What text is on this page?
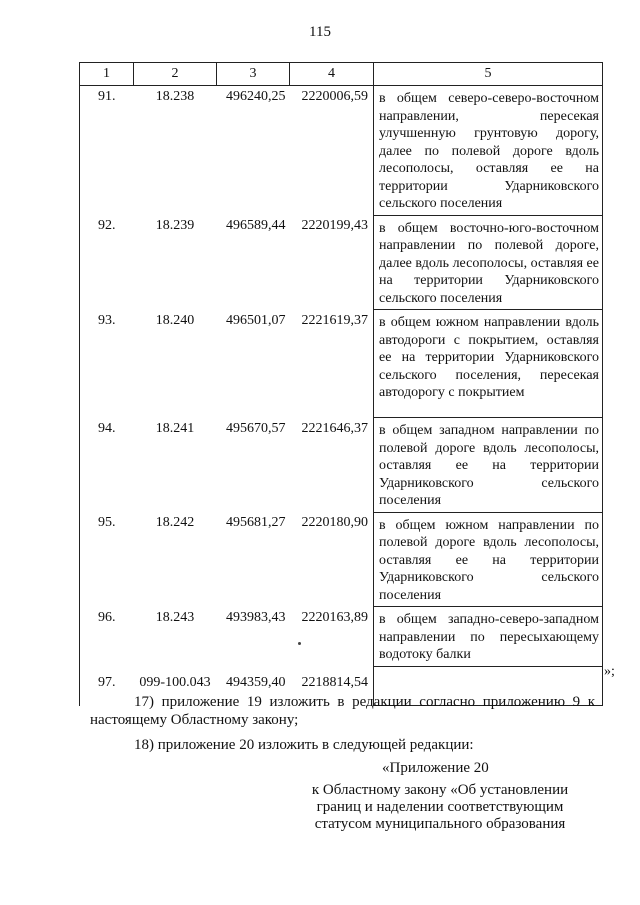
115
1	2	3	4	5
91.	18.238	496240,25	2220006,59	в общем северо-северо-восточном направлении, пересекая улучшенную грунтовую дорогу, далее по полевой дороге вдоль лесополосы, оставляя ее на территории Ударниковского сельского поселения
92.	18.239	496589,44	2220199,43	в общем восточно-юго-восточном направлении по полевой дороге, далее вдоль лесополосы, оставляя ее на территории Ударниковского сельского поселения
93.	18.240	496501,07	2221619,37	в общем южном направлении вдоль автодороги с покрытием, оставляя ее на территории Ударниковского сельского поселения, пересекая автодорогу с покрытием
94.	18.241	495670,57	2221646,37	в общем западном направлении по полевой дороге вдоль лесополосы, оставляя ее на территории Ударниковского сельского поселения
95.	18.242	495681,27	2220180,90	в общем южном направлении по полевой дороге вдоль лесополосы, оставляя ее на территории Ударниковского сельского поселения
96.	18.243	493983,43	2220163,89	в общем западно-северо-западном направлении по пересыхающему водотоку балки
97.	099-100.043	494359,40	2218814,54	
»;
17) приложение 19 изложить в редакции согласно приложению 9 к настоящему Областному закону;
18) приложение 20 изложить в следующей редакции:
«Приложение 20
к Областному закону «Об установлении границ и наделении соответствующим статусом муниципального образования
